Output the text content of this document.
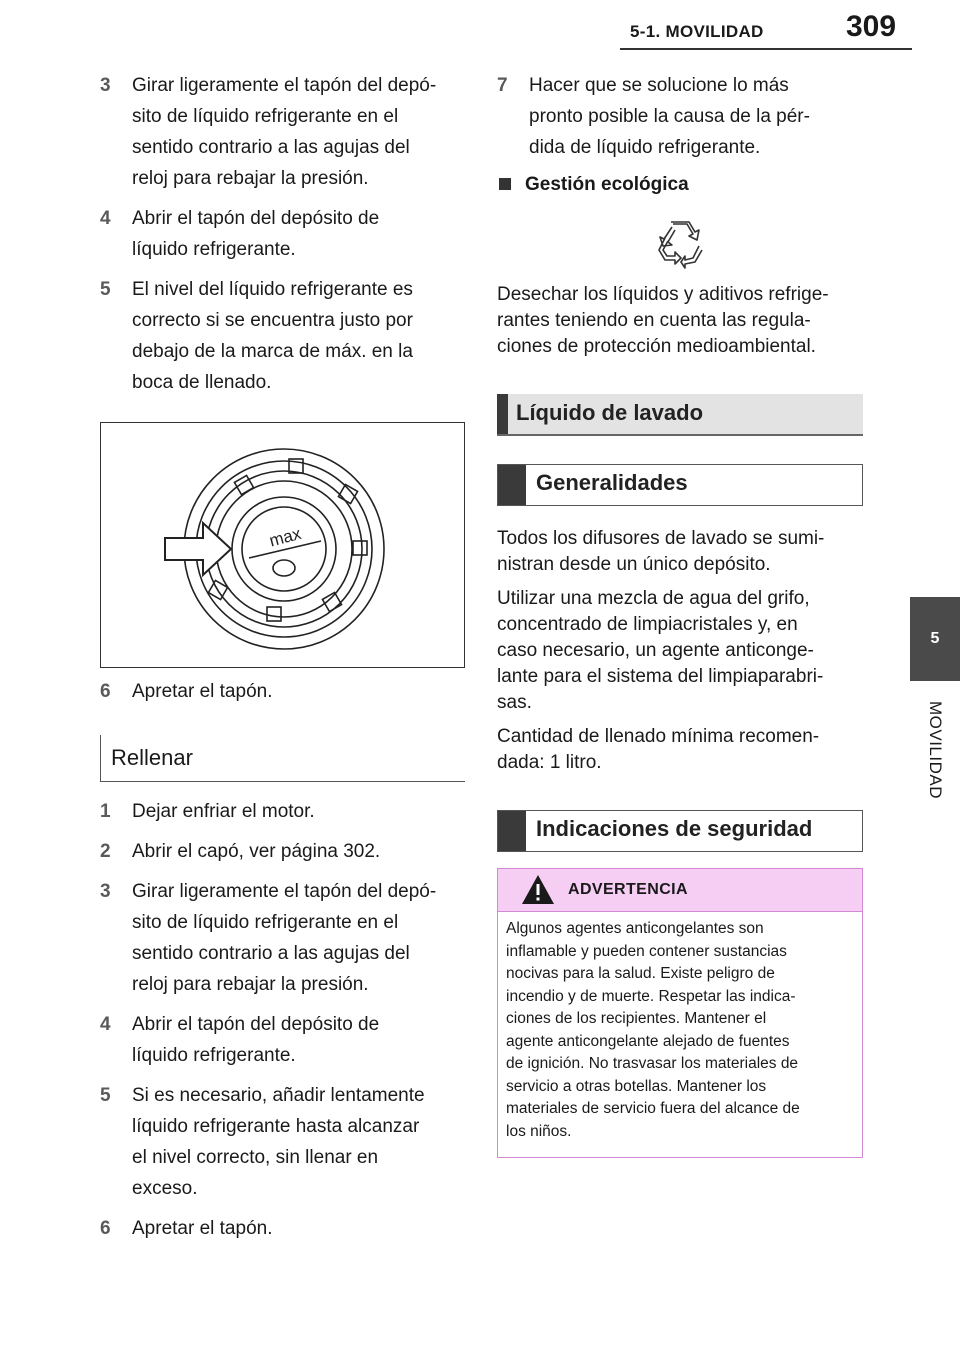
5-1. MOVILIDAD	309
5
MOVILIDAD
3 Girar ligeramente el tapón del depó-
sito de líquido refrigerante en el
sentido contrario a las agujas del
reloj para rebajar la presión.
4 Abrir el tapón del depósito de
líquido refrigerante.
5 El nivel del líquido refrigerante es
correcto si se encuentra justo por
debajo de la marca de máx. en la
boca de llenado.
max
6 Apretar el tapón.
Rellenar
1 Dejar enfriar el motor.
2 Abrir el capó, ver página 302.
3 Girar ligeramente el tapón del depó-
sito de líquido refrigerante en el
sentido contrario a las agujas del
reloj para rebajar la presión.
4 Abrir el tapón del depósito de
líquido refrigerante.
5 Si es necesario, añadir lentamente
líquido refrigerante hasta alcanzar
el nivel correcto, sin llenar en
exceso.
6 Apretar el tapón.
7 Hacer que se solucione lo más
pronto posible la causa de la pér-
dida de líquido refrigerante.
Gestión ecológica
Desechar los líquidos y aditivos refrige-
rantes teniendo en cuenta las regula-
ciones de protección medioambiental.
Líquido de lavado
Generalidades
Todos los difusores de lavado se sumi-
nistran desde un único depósito.
Utilizar una mezcla de agua del grifo,
concentrado de limpiacristales y, en
caso necesario, un agente anticonge-
lante para el sistema del limpiaparabri-
sas.
Cantidad de llenado mínima recomen-
dada: 1 litro.
Indicaciones de seguridad
ADVERTENCIA
Algunos agentes anticongelantes son
inflamable y pueden contener sustancias
nocivas para la salud. Existe peligro de
incendio y de muerte. Respetar las indica-
ciones de los recipientes. Mantener el
agente anticongelante alejado de fuentes
de ignición. No trasvasar los materiales de
servicio a otras botellas. Mantener los
materiales de servicio fuera del alcance de
los niños.
